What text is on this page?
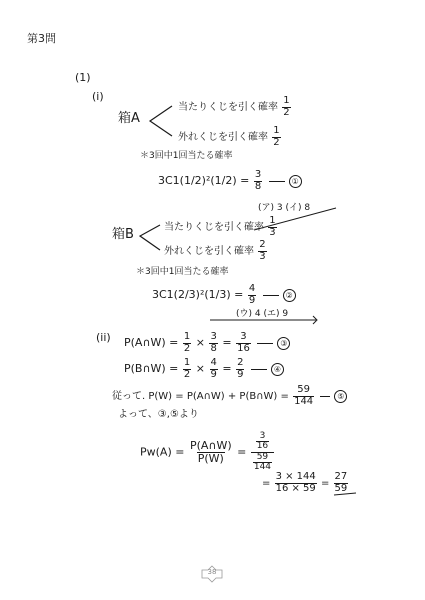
第3問
(1)
(i)
箱A
当たりくじを引く確率 $\frac{1}{2}$
外れくじを引く確率 $\frac{1}{2}$
＊3回中1回当たる確率
$3C1(1/2)^2(1/2) = \frac{3}{8}$	①
(ア) 3 (イ) 8
箱B	当たりくじを引く確率 $\frac{1}{3}$
外れくじを引く確率 $\frac{2}{3}$
＊3回中1回当たる確率
$3C1(2/3)^2(1/3) = \frac{4}{9}$	②
(ウ) 4 (エ) 9
(ii) P(A∩W) = $\frac{1}{2} \times \frac{3}{8} = \frac{3}{16}$	③
P(B∩W) = $\frac{1}{2} \times \frac{4}{9} = \frac{2}{9}$	④
従って. P(W) = P(A∩W) + P(B∩W) = $\frac{59}{144}$	⑤
よって、③,⑤より
$Pw(A) = \frac{P(A\cap W)}{P(W)} = \frac{\frac{3}{16}}{\frac{59}{144}}$
= $\frac{3 \times 144}{16 \times 59} = \frac{27}{59}$
38
